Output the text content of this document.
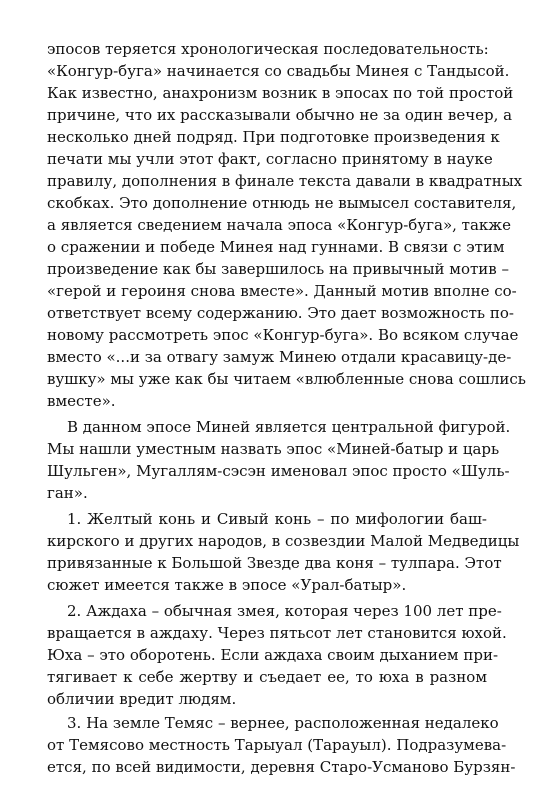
эпосов теряется хронологическая последовательность:
«Конгур-буга» начинается со свадьбы Минея с Тандысой.
Как известно, анахронизм возник в эпосах по той простой
причине, что их рассказывали обычно не за один вечер, а
несколько дней подряд. При подготовке произведения к
печати мы учли этот факт, согласно принятому в науке
правилу, дополнения в финале текста давали в квадратных
скобках. Это дополнение отнюдь не вымысел составителя,
а является сведением начала эпоса «Конгур-буга», также
о сражении и победе Минея над гуннами. В связи с этим
произведение как бы завершилось на привычный мотив –
«герой и героиня снова вместе». Данный мотив вполне со-
ответствует всему содержанию. Это дает возможность по-
новому рассмотреть эпос «Конгур-буга». Во всяком случае
вместо «...и за отвагу замуж Минею отдали красавицу-де-
вушку» мы уже как бы читаем «влюбленные снова сошлись
вместе».
В данном эпосе Миней является центральной фигурой.
Мы нашли уместным назвать эпос «Миней-батыр и царь
Шульген», Мугаллям-сэсэн именовал эпос просто «Шуль-
ган».
1. Желтый конь и Сивый конь – по мифологии баш-
кирского и других народов, в созвездии Малой Медведицы
привязанные к Большой Звезде два коня – тулпара. Этот
сюжет имеется также в эпосе «Урал-батыр».
2. Аждаха – обычная змея, которая через 100 лет пре-
вращается в аждаху. Через пятьсот лет становится юхой.
Юха – это оборотень. Если аждаха своим дыханием при-
тягивает к себе жертву и съедает ее, то юха в разном
обличии вредит людям.
3. На земле Темяс – вернее, расположенная недалеко
от Темясово местность Тарыуал (Тарауыл). Подразумева-
ется, по всей видимости, деревня Старо-Усманово Бурзян-
